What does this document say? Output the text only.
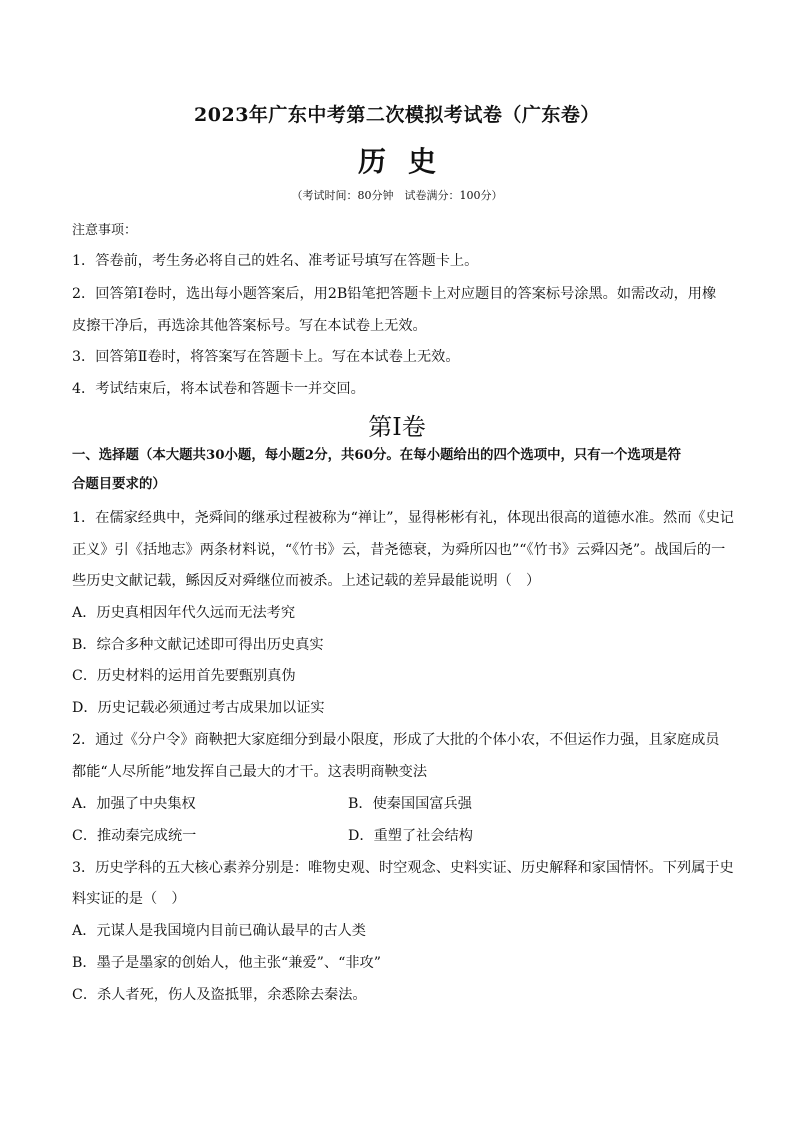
2023年广东中考第二次模拟考试卷（广东卷）
历史
（考试时间：80分钟　试卷满分：100分）
注意事项：
1．答卷前，考生务必将自己的姓名、准考证号填写在答题卡上。
2．回答第Ⅰ卷时，选出每小题答案后，用2B铅笔把答题卡上对应题目的答案标号涂黑。如需改动，用橡
皮擦干净后，再选涂其他答案标号。写在本试卷上无效。
3．回答第Ⅱ卷时，将答案写在答题卡上。写在本试卷上无效。
4．考试结束后，将本试卷和答题卡一并交回。
第Ⅰ卷
一、选择题（本大题共30小题，每小题2分，共60分。在每小题给出的四个选项中，只有一个选项是符
合题目要求的）
1．在儒家经典中，尧舜间的继承过程被称为“禅让”，显得彬彬有礼，体现出很高的道德水准。然而《史记
正义》引《括地志》两条材料说，“《竹书》云，昔尧德衰，为舜所囚也”“《竹书》云舜囚尧”。战国后的一
些历史文献记载，鲧因反对舜继位而被杀。上述记载的差异最能说明（　）
A．历史真相因年代久远而无法考究
B．综合多种文献记述即可得出历史真实
C．历史材料的运用首先要甄别真伪
D．历史记载必须通过考古成果加以证实
2．通过《分户令》商鞅把大家庭细分到最小限度，形成了大批的个体小农，不但运作力强，且家庭成员
都能“人尽所能”地发挥自己最大的才干。这表明商鞅变法
A．加强了中央集权	B．使秦国国富兵强
C．推动秦完成统一	D．重塑了社会结构
3．历史学科的五大核心素养分别是：唯物史观、时空观念、史料实证、历史解释和家国情怀。下列属于史
料实证的是（　）
A．元谋人是我国境内目前已确认最早的古人类
B．墨子是墨家的创始人，他主张“兼爱”、“非攻”
C．杀人者死，伤人及盗抵罪，余悉除去秦法。
